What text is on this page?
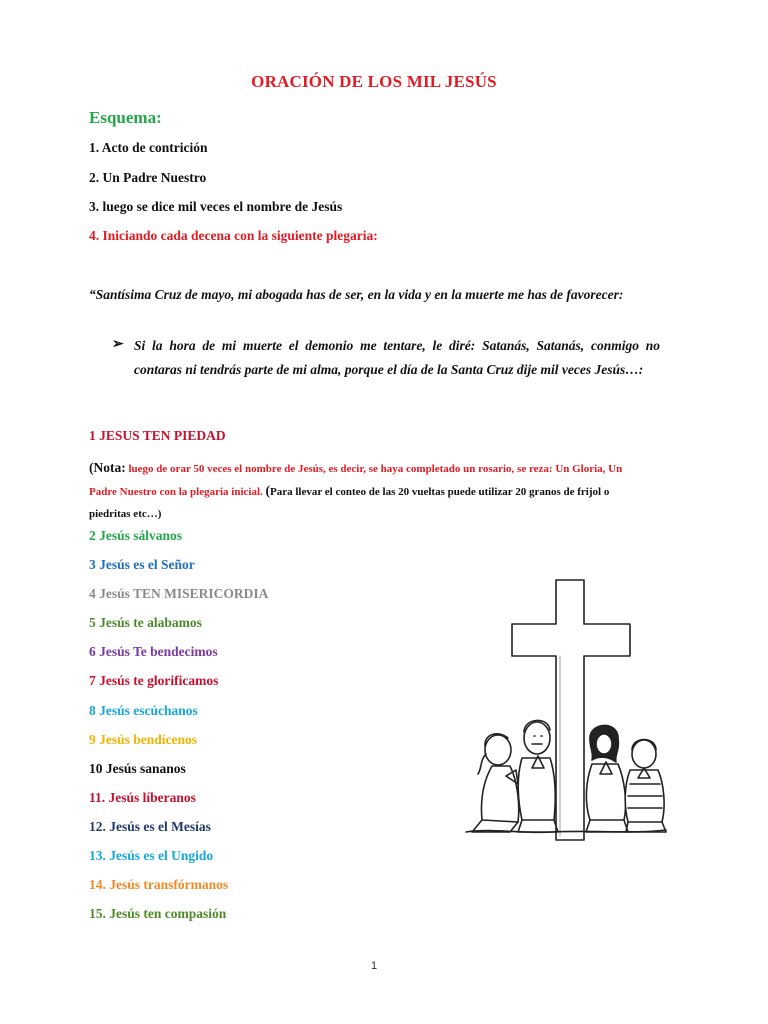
ORACIÓN DE LOS MIL JESÚS
Esquema:
1. Acto de contrición
2. Un Padre Nuestro
3. luego se dice mil veces el nombre de Jesús
4. Iniciando cada decena con la siguiente plegaria:
“Santísima Cruz de mayo, mi abogada has de ser, en la vida y en la muerte me has de favorecer:
➢ Si la hora de mi muerte el demonio me tentare, le diré: Satanás, Satanás, conmigo no contaras ni tendrás parte de mi alma, porque el día de la Santa Cruz dije mil veces Jesús…:
1 JESUS TEN PIEDAD
(Nota: luego de orar 50 veces el nombre de Jesús, es decir, se haya completado un rosario, se reza: Un Gloria, Un Padre Nuestro con la plegaria inicial. (Para llevar el conteo de las 20 vueltas puede utilizar 20 granos de frijol o piedritas etc…)
2 Jesús sálvanos
3 Jesús es el Señor
4 Jesús TEN MISERICORDIA
5 Jesús te alabamos
6 Jesús Te bendecimos
7 Jesús te glorificamos
8 Jesús escúchanos
9 Jesús bendícenos
10 Jesús sananos
11. Jesús líberanos
12. Jesús es el Mesías
13. Jesús es el Ungido
14. Jesús transfórmanos
15. Jesús ten compasión
1
